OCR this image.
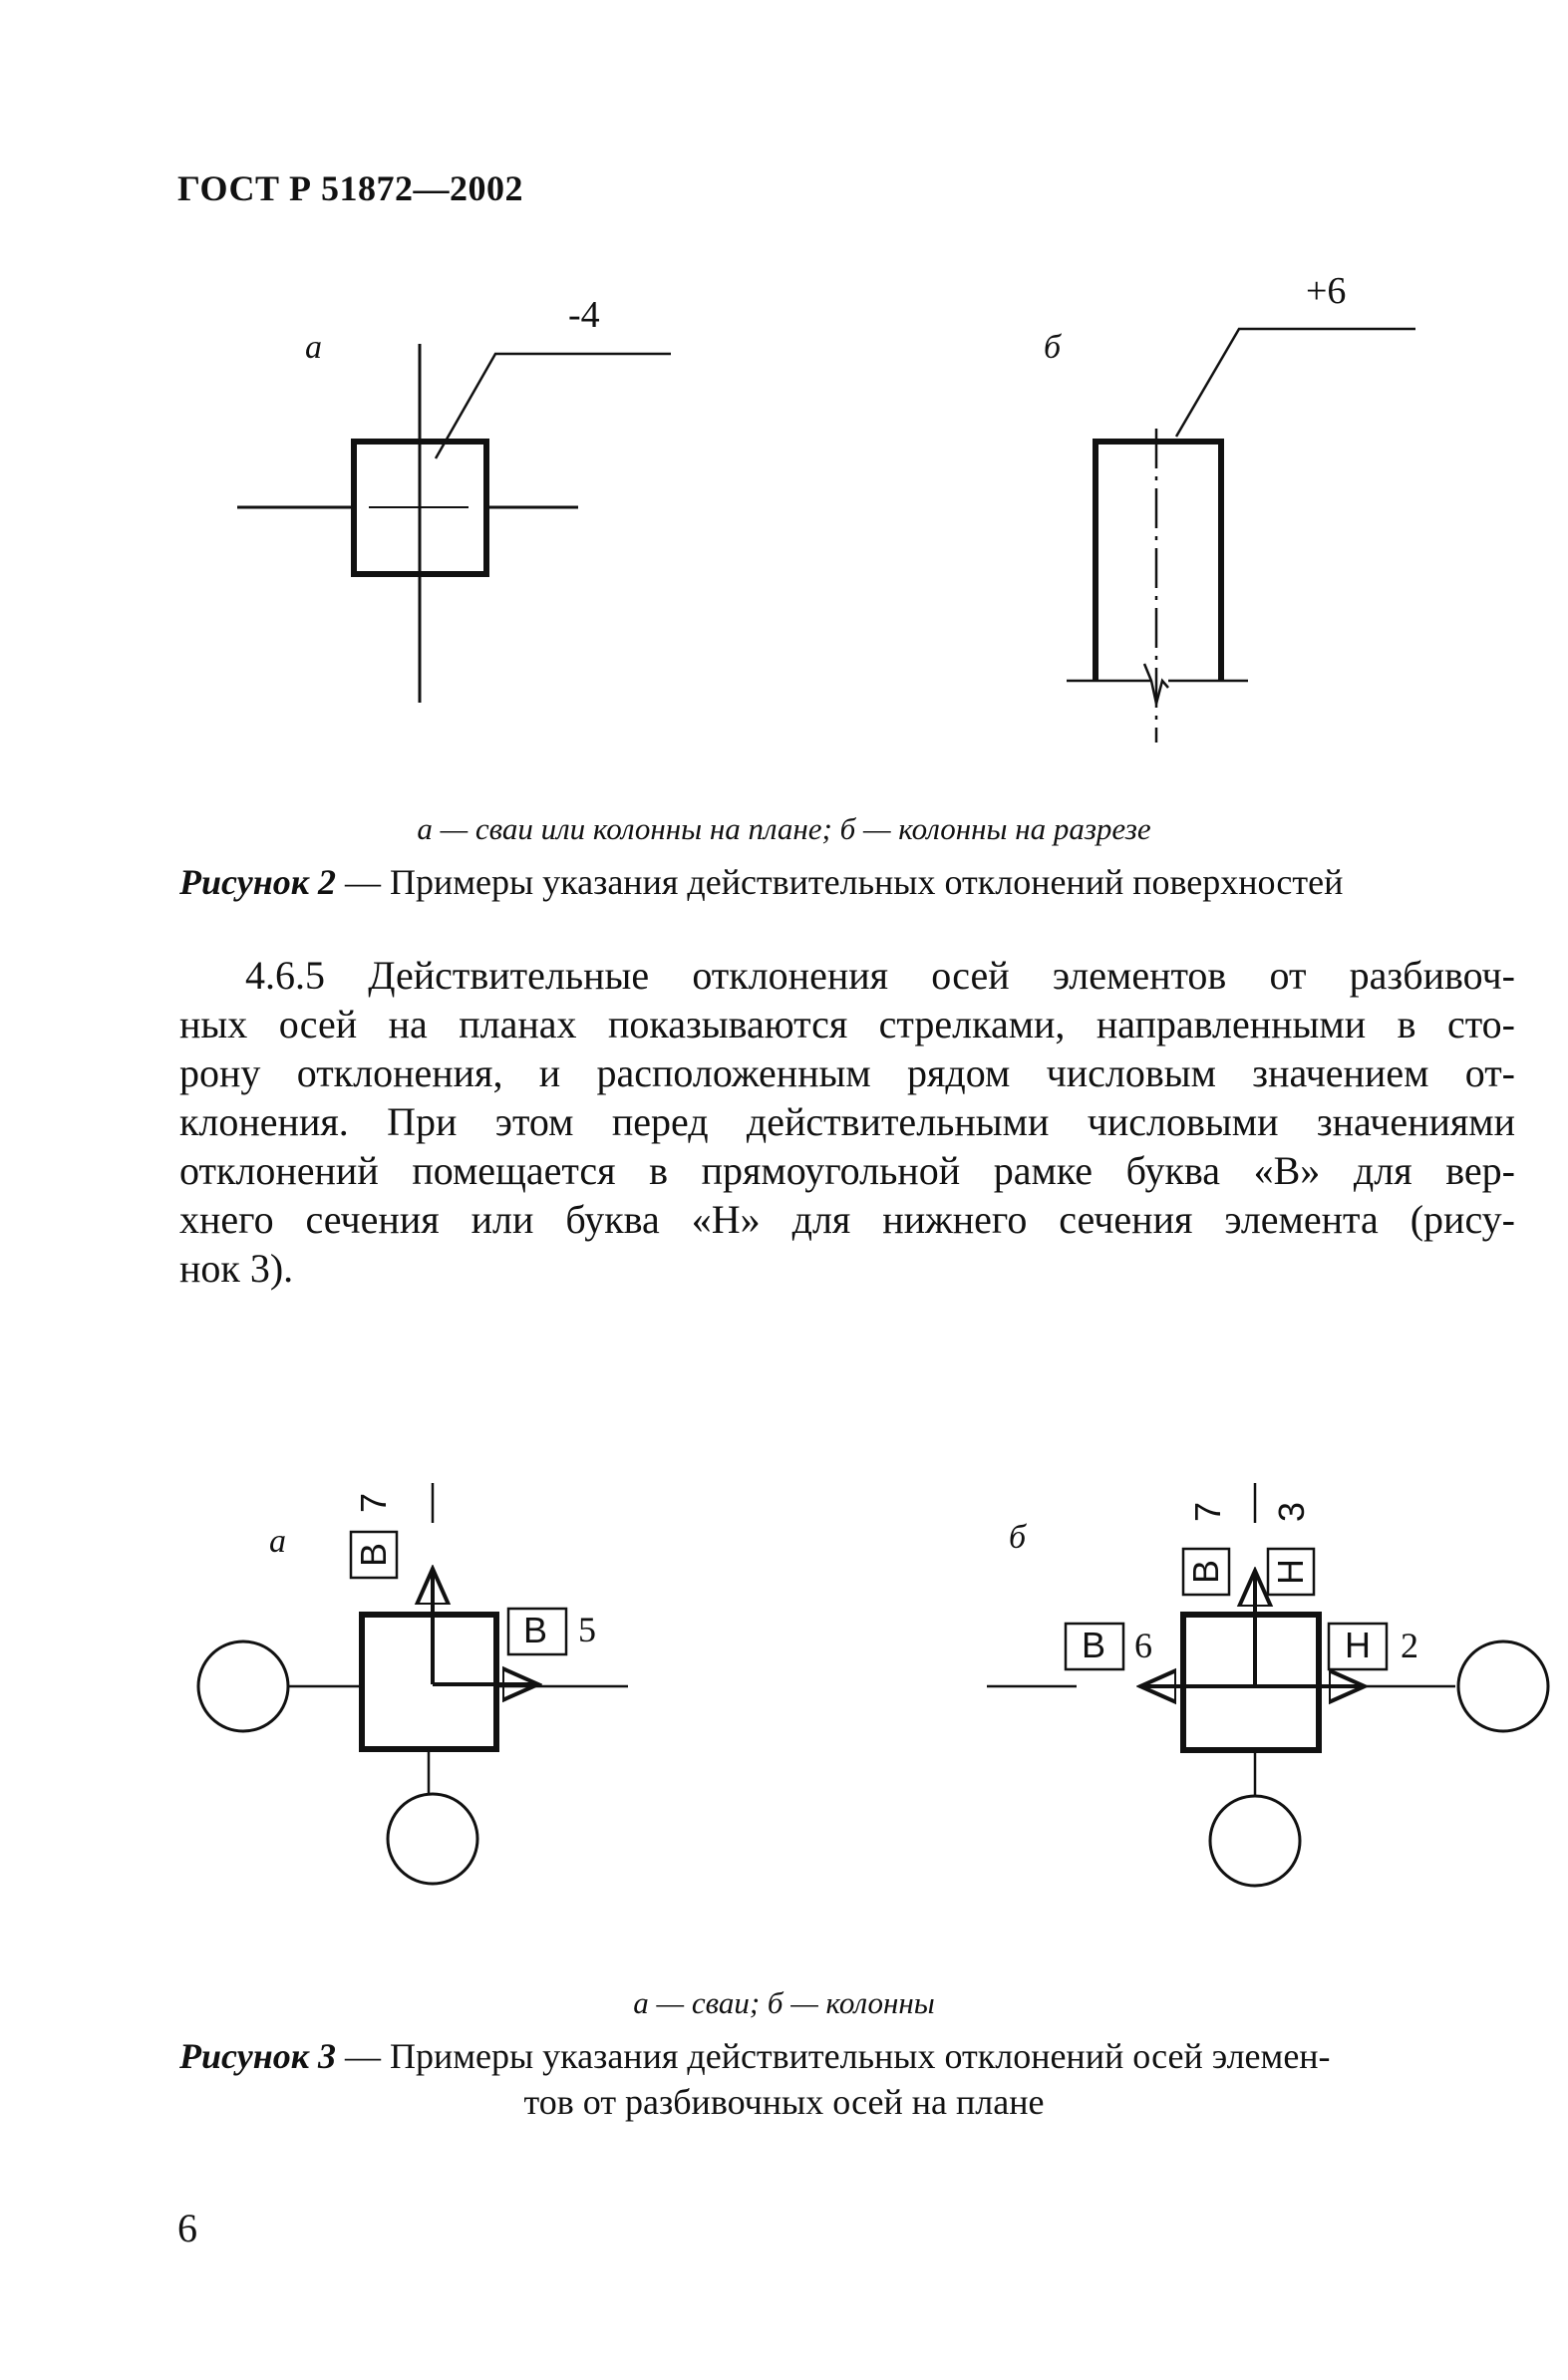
ГОСТ Р 51872—2002
а	б
-4
+6
а — сваи или колонны на плане; б — колонны на разрезе
Рисунок 2 — Примеры указания действительных отклонений поверхностей
4.6.5 Действительные отклонения осей элементов от разбивоч-
ных осей на планах показываются стрелками, направленными в сто-
рону отклонения, и расположенным рядом числовым значением от-
клонения. При этом перед действительными числовыми значениями
отклонений помещается в прямоугольной рамке буква «В» для вер-
хнего сечения или буква «Н» для нижнего сечения элемента (рису-
нок 3).
а	б
В
7
В 5
В
7
Н
3
В 6	Н 2
а — сваи; б — колонны
Рисунок 3 — Примеры указания действительных отклонений осей элемен-
тов от разбивочных осей на плане
6
